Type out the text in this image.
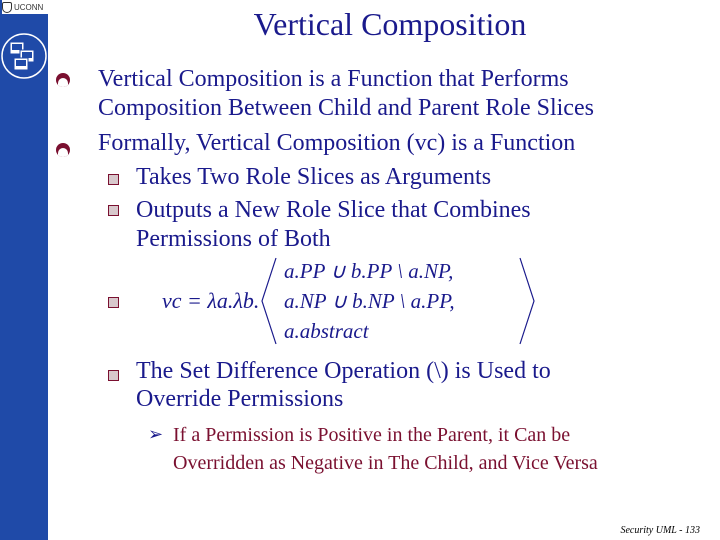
UCONN	Vertical Composition
Vertical Composition is a Function that Performs
Composition Between Child and Parent Role Slices
Formally, Vertical Composition (vc) is a Function
Takes Two Role Slices as Arguments
Outputs a New Role Slice that Combines
Permissions of Both
vc = λa.λb.
a.PP ∪ b.PP \ a.NP,
a.NP ∪ b.NP \ a.PP,
a.abstract
The Set Difference Operation (\) is Used to
Override Permissions
➢ If a Permission is Positive in the Parent, it Can be
Overridden as Negative in The Child, and Vice Versa
Security UML - 133
